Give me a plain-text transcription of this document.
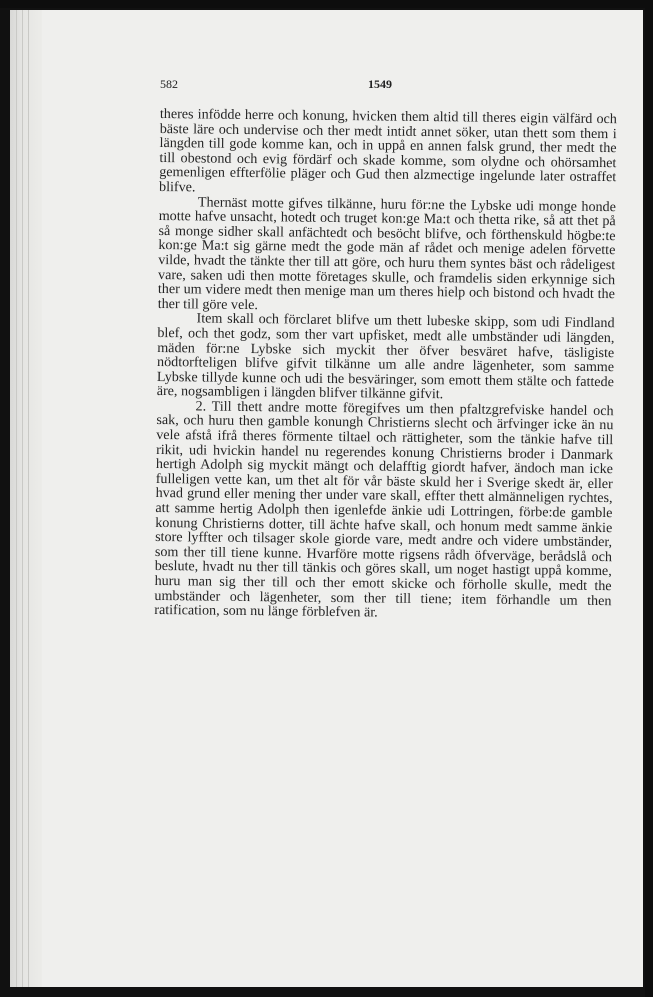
582	1549

theres infödde herre och konung, hvicken them altid till theres eigin välfärd och bäste läre och undervise och ther medt intidt annet söker, utan thett som them i längden till gode komme kan, och in uppå en annen falsk grund, ther medt the till obestond och evig fördärf och skade komme, som olydne och ohörsamhet gemenligen effterfölie pläger och Gud then alzmectige ingelunde later ostraffet blifve.

Thernäst motte gifves tilkänne, huru för:ne the Lybske udi monge honde motte hafve unsacht, hotedt och truget kon:ge Ma:t och thetta rike, så att thet på så monge sidher skall anfächtedt och besöcht blifve, och förthenskuld högbe:te kon:ge Ma:t sig gärne medt the gode män af rådet och menige adelen förvette vilde, hvadt the tänkte ther till att göre, och huru them syntes bäst och rådeligest vare, saken udi then motte företages skulle, och framdelis siden erkynnige sich ther um videre medt then menige man um theres hielp och bistond och hvadt the ther till göre vele.

Item skall och förclaret blifve um thett lubeske skipp, som udi Findland blef, och thet godz, som ther vart upfisket, medt alle umbständer udi längden, mäden för:ne Lybske sich myckit ther öfver besväret hafve, täsligiste nödtorfteligen blifve gifvit tilkänne um alle andre lägenheter, som samme Lybske tillyde kunne och udi the besväringer, som emott them stälte och fattede äre, nogsambligen i längden blifver tilkänne gifvit.

2. Till thett andre motte föregifves um then pfaltzgrefviske handel och sak, och huru then gamble konungh Christierns slecht och ärfvinger icke än nu vele afstå ifrå theres förmente tiltael och rättigheter, som the tänkie hafve till rikit, udi hvickin handel nu regerendes konung Christierns broder i Danmark hertigh Adolph sig myckit mängt och delafftig giordt hafver, ändoch man icke fulleligen vette kan, um thet alt för vår bäste skuld her i Sverige skedt är, eller hvad grund eller mening ther under vare skall, effter thett almänneligen rychtes, att samme hertig Adolph then igenlefde änkie udi Lottringen, förbe:de gamble konung Christierns dotter, till ächte hafve skall, och honum medt samme änkie store lyffter och tilsager skole giorde vare, medt andre och videre umbständer, som ther till tiene kunne. Hvarföre motte rigsens rådh öfverväge, berådslå och beslute, hvadt nu ther till tänkis och göres skall, um noget hastigt uppå komme, huru man sig ther till och ther emott skicke och förholle skulle, medt the umbständer och lägenheter, som ther till tiene; item förhandle um then ratification, som nu länge förblefven är.
